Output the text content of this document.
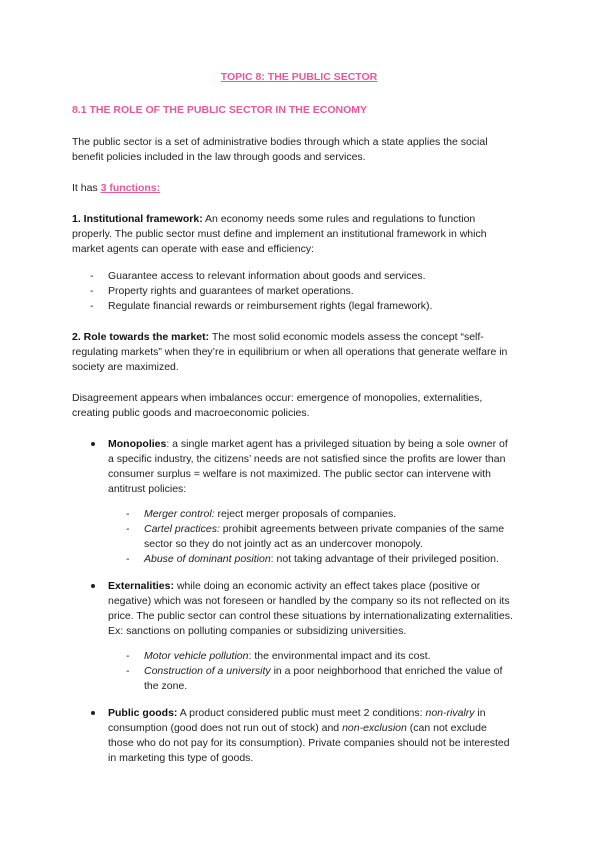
TOPIC 8: THE PUBLIC SECTOR
8.1 THE ROLE OF THE PUBLIC SECTOR IN THE ECONOMY

The public sector is a set of administrative bodies through which a state applies the social benefit policies included in the law through goods and services.

It has 3 functions:

1. Institutional framework: An economy needs some rules and regulations to function properly. The public sector must define and implement an institutional framework in which market agents can operate with ease and efficiency:

- Guarantee access to relevant information about goods and services.
- Property rights and guarantees of market operations.
- Regulate financial rewards or reimbursement rights (legal framework).

2. Role towards the market: The most solid economic models assess the concept “self-regulating markets” when they’re in equilibrium or when all operations that generate welfare in society are maximized.

Disagreement appears when imbalances occur: emergence of monopolies, externalities, creating public goods and macroeconomic policies.

Monopolies: a single market agent has a privileged situation by being a sole owner of a specific industry, the citizens’ needs are not satisfied since the profits are lower than consumer surplus = welfare is not maximized. The public sector can intervene with antitrust policies:
- Merger control: reject merger proposals of companies.
- Cartel practices: prohibit agreements between private companies of the same sector so they do not jointly act as an undercover monopoly.
- Abuse of dominant position: not taking advantage of their privileged position.
Externalities: while doing an economic activity an effect takes place (positive or negative) which was not foreseen or handled by the company so its not reflected on its price. The public sector can control these situations by internationalizating externalities. Ex: sanctions on polluting companies or subsidizing universities.
- Motor vehicle pollution: the environmental impact and its cost.
- Construction of a university in a poor neighborhood that enriched the value of the zone.
Public goods: A product considered public must meet 2 conditions: non-rivalry in consumption (good does not run out of stock) and non-exclusion (can not exclude those who do not pay for its consumption). Private companies should not be interested in marketing this type of goods.
